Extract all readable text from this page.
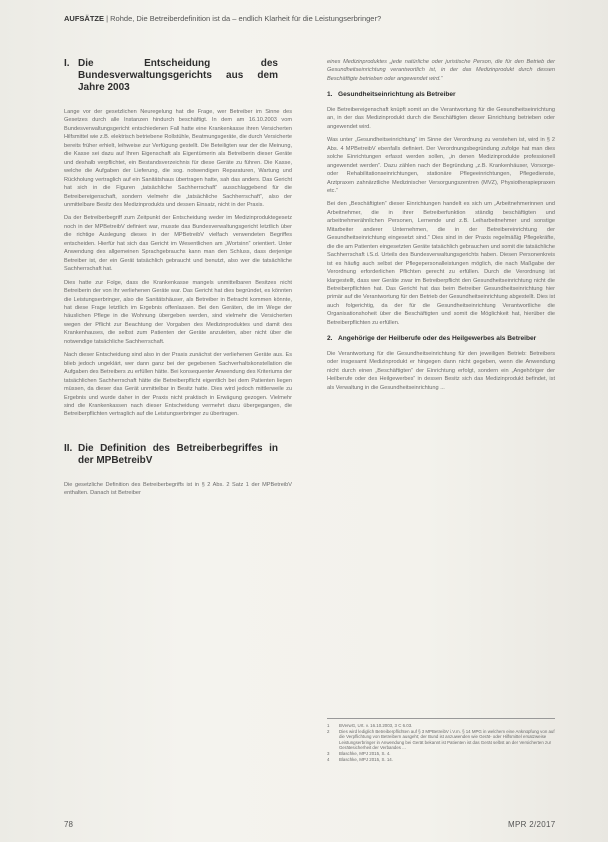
AUFSÄTZE | Rohde, Die Betreiberdefinition ist da – endlich Klarheit für die Leistungserbringer?
I. Die Entscheidung des Bundesverwaltungsgerichts aus dem Jahre 2003

Lange vor der gesetzlichen Neuregelung hat die Frage, wer Betreiber im Sinne des Gesetzes durch alle Instanzen hindurch beschäftigt. In dem am 16.10.2003 vom Bundesverwaltungsgericht entschiedenen Fall hatte eine Krankenkasse ihren Versicherten Hilfsmittel wie z.B. elektrisch betriebene Rollstühle, Beatmungsgeräte, die durch Versicherte bereits früher erhielt, leihweise zur Verfügung gestellt. Die Beteiligten war der die Meinung, die Kasse sei dazu auf Ihren Eigenschaft als Eigentümerin als Betreiberin dieser Geräte und deshalb verpflichtet, ein Bestandsverzeichnis für diese Geräte zu führen. Die Kasse, welche die Aufgaben der Lieferung, die sog. notwendigen Reparaturen, Wartung und Rückholung vertraglich auf ein Sanitätshaus übertragen hatte, sah das anders. Das Gericht hat sich in die Figuren „tatsächliche Sachherrschaft“ ausschlaggebend für die Betreibereigenschaft, sondern vielmehr die „tatsächliche Sachherrschaft“, also der unmittelbare Besitz des Medizinprodukts und dessen Einsatz, nicht in der Praxis.

Da der Betreiberbegriff zum Zeitpunkt der Entscheidung weder im Medizinproduktegesetz noch in der MPBetreibV definiert war, musste das Bundesverwaltungsgericht letztlich über die richtige Auslegung dieses in der MPBetreibV vielfach verwendeten Begriffes entscheiden. Hierfür hat sich das Gericht im Wesentlichen am „Wortsinn“ orientiert. Unter Anwendung des allgemeinen Sprachgebrauchs kann man den Schluss, dass derjenige Betreiber ist, der ein Gerät tatsächlich gebraucht und benutzt, also wer die tatsächliche Sachherrschaft hat.

Dies hatte zur Folge, dass die Krankenkasse mangels unmittelbaren Besitzes nicht Betreiberin der von ihr verliehenen Geräte war. Das Gericht hat dies begründet, es könnten die Leistungserbringer, also die Sanitätshäuser, als Betreiber in Betracht kommen könnte, hat diese Frage letztlich im Ergebnis offenlassen. Bei den Geräten, die im Wege der häuslichen Pflege in die Wohnung übergeben werden, sind vielmehr die Versicherten wegen der Pflicht zur Beachtung der Vorgaben des Medizinproduktes und damit des Krankenhauses, die selbst zum Patienten der Geräte anzuleiten, aber nicht über die notwendige tatsächliche Sachherrschaft.

Nach dieser Entscheidung sind also in der Praxis zunächst der verliehenen Geräte aus. Es blieb jedoch ungeklärt, wer dann ganz bei der gegebenen Sachverhaltskonstellation die Aufgaben des Betreibers zu erfüllen hätte. Bei konsequenter Anwendung des Kriteriums der tatsächlichen Sachherrschaft hätte die Betreiberpflicht eigentlich bei dem Patienten liegen müssen, da dieser das Gerät unmittelbar in Besitz hatte. Dies wird jedoch mittlerweile zu Ergebnis und wurde daher in der Praxis nicht praktisch in Erwägung gezogen. Vielmehr sind die Krankenkassen nach dieser Entscheidung vermehrt dazu übergegangen, die Betreiberpflichten vertraglich auf die Leistungserbringer zu übertragen.

II. Die Definition des Betreiberbegriffes in der MPBetreibV

Die gesetzliche Definition des Betreiberbegriffs ist in § 2 Abs. 2 Satz 1 der MPBetreibV enthalten. Danach ist Betreiber

eines Medizinproduktes „jede natürliche oder juristische Person, die für den Betrieb der Gesundheitseinrichtung verantwortlich ist, in der das Medizinprodukt durch dessen Beschäftigte betrieben oder angewendet wird.“

1. Gesundheitseinrichtung als Betreiber

Die Betreibereigenschaft knüpft somit an die Verantwortung für die Gesundheitseinrichtung an, in der das Medizinprodukt durch die Beschäftigten dieser Einrichtung betrieben oder angewendet wird.

Was unter „Gesundheitseinrichtung“ im Sinne der Verordnung zu verstehen ist, wird in § 2 Abs. 4 MPBetreibV ebenfalls definiert. Der Verordnungsbegründung zufolge hat man dies solche Einrichtungen erfasst werden sollen, „in denen Medizinprodukte professionell angewendet werden“. Dazu zählen nach der Begründung „z.B. Krankenhäuser, Vorsorge- oder Rehabilitationseinrichtungen, stationäre Pflegeeinrichtungen, Pflegedienste, Arztpraxen zahnärztliche Medizinischer Versorgungszentren (MVZ), Physiotherapiepraxen etc.“

Bei den „Beschäftigten“ dieser Einrichtungen handelt es sich um „Arbeitnehmerinnen und Arbeitnehmer, die in ihrer Betreiberfunktion ständig beschäftigten und arbeitnehmerähnlichen Personen, Lernende und z.B. Leiharbeitnehmer und sonstige Mitarbeiter anderer Unternehmen, die in der Betreibereinrichtung der Gesundheitseinrichtung eingesetzt sind.“ Dies sind in der Praxis regelmäßig Pflegekräfte, die die am Patienten eingesetzten Geräte tatsächlich gebrauchen und somit die tatsächliche Sachherrschaft i.S.d. Urteils des Bundesverwaltungsgerichts haben. Diesen Personenkreis ist es häufig auch selbst der Pflegepersonalleistungen möglich, die nach Maßgabe der Verordnung erforderlichen Pflichten gerecht zu erfüllen. Durch die Verordnung ist klargestellt, dass wer Geräte zwar im Betreiberpflicht den Gesundheitseinrichtung nicht die Betreiberpflichten hat. Das Gericht hat das beim Betreiber Gesundheitseinrichtung hier primär auf die Verantwortung für den Betrieb der Gesundheitseinrichtung abgestellt. Dies ist auch folgerichtig, da der für die Gesundheitseinrichtung Verantwortliche die Organisationshoheit über die Beschäftigten und somit die Möglichkeit hat, hierüber die Betreiberpflichten zu erfüllen.

2. Angehörige der Heilberufe oder des Heilgewerbes als Betreiber

Die Verantwortung für die Gesundheitseinrichtung für den jeweiligen Betrieb: Betreibers oder insgesamt Medizinprodukt er hingegen dann nicht gegeben, wenn die Anwendung nicht durch einen „Beschäftigten“ der Einrichtung erfolgt, sondern ein „Angehöriger der Heilberufe oder des Heilgewerbes“ in dessen Besitz sich das Medizinprodukt befindet, ist als Verwaltung in die Gesundheitseinrichtung ...

1	BVerwG, Urt. v. 16.10.2003, 3 C 6.03.
2	Dies wird lediglich Betreiberpflichten auf § 3 MPBetreibV i.V.m. § 14 MPG in welchem eine Anknüpfung von auf die Verpflichtung von Betreibern ausgeht; der Bund ist anzuwenden wie Gerät- oder Hilfsmittel ersatzweise Leistungserbringer in Anwendung bei Gerät bekannt ist Patienten ist das Gerät selbst an der Versicherten zur Gerätesicherheit der Verbandes ...
3	Blaschke, MPJ 2015, S. 4.
4	Blaschke, MPJ 2015, S. 14.
78	MPR 2/2017
